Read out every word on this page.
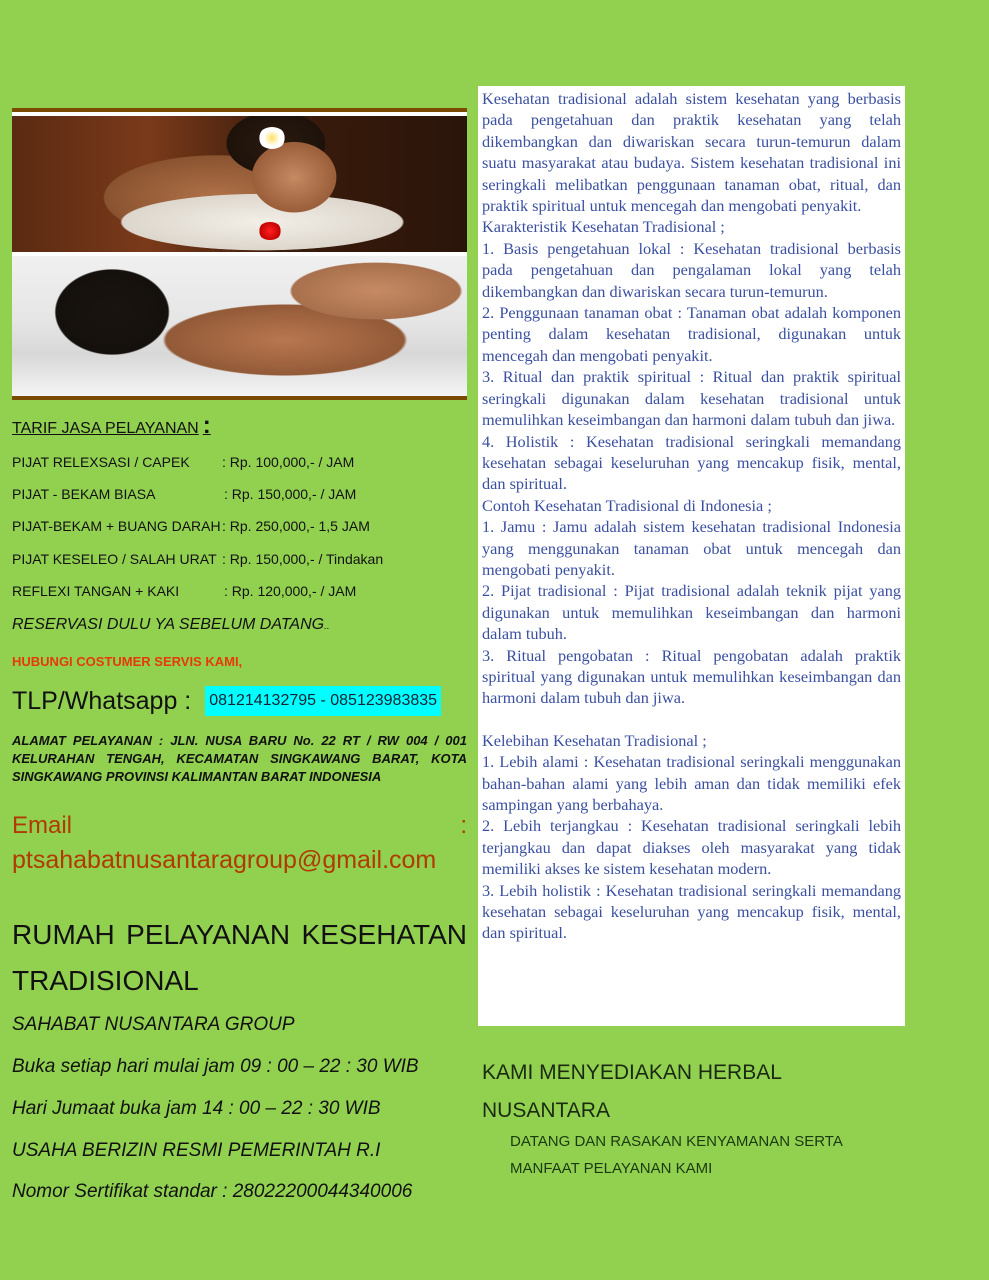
TARIF JASA PELAYANAN :
PIJAT RELEXSASI / CAPEK	: Rp. 100,000,- / JAM
PIJAT - BEKAM BIASA	: Rp. 150,000,- / JAM
PIJAT-BEKAM + BUANG DARAH : Rp. 250,000,- 1,5 JAM
PIJAT KESELEO / SALAH URAT : Rp. 150,000,- / Tindakan
REFLEXI TANGAN + KAKI	: Rp. 120,000,- / JAM
RESERVASI DULU YA SEBELUM DATANG..
HUBUNGI COSTUMER SERVIS KAMI,
TLP/Whatsapp : 081214132795 - 085123983835
ALAMAT PELAYANAN : JLN. NUSA BARU No. 22 RT / RW 004 / 001 KELURAHAN TENGAH, KECAMATAN SINGKAWANG BARAT, KOTA SINGKAWANG PROVINSI KALIMANTAN BARAT INDONESIA
Email	:
ptsahabatnusantaragroup@gmail.com
RUMAH PELAYANAN KESEHATAN
TRADISIONAL
SAHABAT NUSANTARA GROUP
Buka setiap hari mulai jam 09 : 00 – 22 : 30 WIB
Hari Jumaat buka jam 14 : 00 – 22 : 30 WIB
USAHA BERIZIN RESMI PEMERINTAH R.I
Nomor Sertifikat standar : 28022200044340006

Kesehatan tradisional adalah sistem kesehatan yang berbasis pada pengetahuan dan praktik kesehatan yang telah dikembangkan dan diwariskan secara turun-temurun dalam suatu masyarakat atau budaya. Sistem kesehatan tradisional ini seringkali melibatkan penggunaan tanaman obat, ritual, dan praktik spiritual untuk mencegah dan mengobati penyakit.

Karakteristik Kesehatan Tradisional ;

1. Basis pengetahuan lokal : Kesehatan tradisional berbasis pada pengetahuan dan pengalaman lokal yang telah dikembangkan dan diwariskan secara turun-temurun.

2. Penggunaan tanaman obat : Tanaman obat adalah komponen penting dalam kesehatan tradisional, digunakan untuk mencegah dan mengobati penyakit.

3. Ritual dan praktik spiritual : Ritual dan praktik spiritual seringkali digunakan dalam kesehatan tradisional untuk memulihkan keseimbangan dan harmoni dalam tubuh dan jiwa.

4. Holistik : Kesehatan tradisional seringkali memandang kesehatan sebagai keseluruhan yang mencakup fisik, mental, dan spiritual.

Contoh Kesehatan Tradisional di Indonesia ;

1. Jamu : Jamu adalah sistem kesehatan tradisional Indonesia yang menggunakan tanaman obat untuk mencegah dan mengobati penyakit.

2. Pijat tradisional : Pijat tradisional adalah teknik pijat yang digunakan untuk memulihkan keseimbangan dan harmoni dalam tubuh.

3. Ritual pengobatan : Ritual pengobatan adalah praktik spiritual yang digunakan untuk memulihkan keseimbangan dan harmoni dalam tubuh dan jiwa.

Kelebihan Kesehatan Tradisional ;

1. Lebih alami : Kesehatan tradisional seringkali menggunakan bahan-bahan alami yang lebih aman dan tidak memiliki efek sampingan yang berbahaya.

2. Lebih terjangkau : Kesehatan tradisional seringkali lebih terjangkau dan dapat diakses oleh masyarakat yang tidak memiliki akses ke sistem kesehatan modern.

3. Lebih holistik : Kesehatan tradisional seringkali memandang kesehatan sebagai keseluruhan yang mencakup fisik, mental, dan spiritual.

KAMI MENYEDIAKAN HERBAL
NUSANTARA
DATANG DAN RASAKAN KENYAMANAN SERTA
MANFAAT PELAYANAN KAMI
